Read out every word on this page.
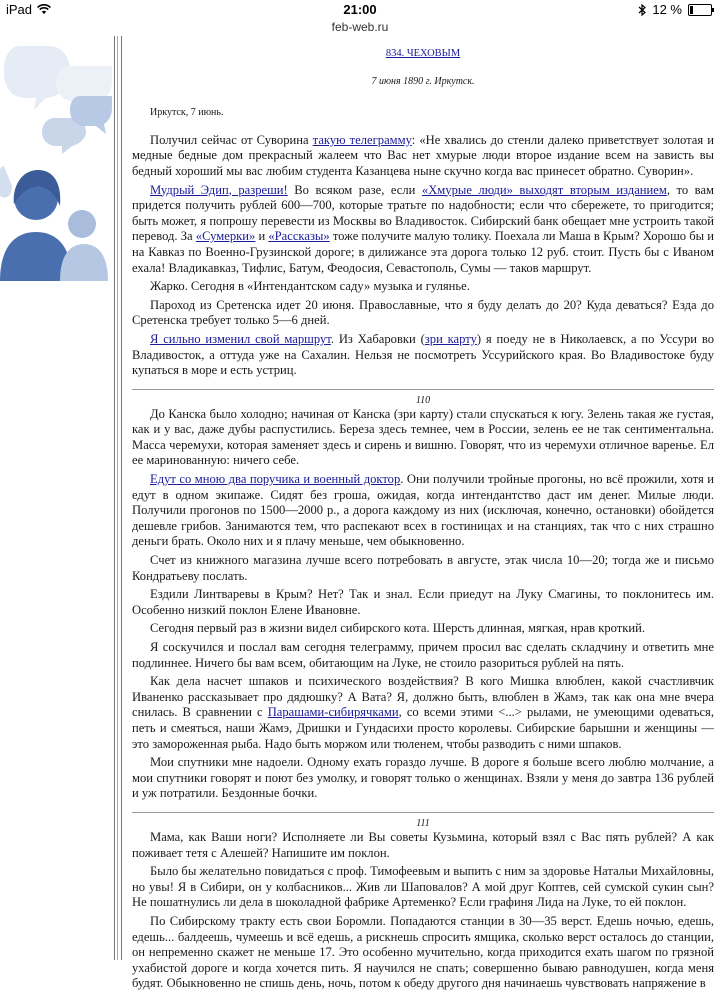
iPad	21:00	12 %
feb-web.ru
834. ЧЕХОВЫМ
7 июня 1890 г. Иркутск.
Иркутск, 7 июнь.

Получил сейчас от Суворина такую телеграмму: «Не хвались до стенли далеко приветствует золотая и медные бедные дом прекрасный жалеем что Вас нет хмурые люди второе издание всем на зависть вы бедный хороший мы вас любим студента Казанцева ныне скучно когда вас принесет обратно. Суворин».

Мудрый Эдип, разреши! Во всяком разе, если «Хмурые люди» выходят вторым изданием, то вам придется получить рублей 600—700, которые тратьте по надобности; если что сбережете, то пригодится; быть может, я попрошу перевести из Москвы во Владивосток. Сибирский банк обещает мне устроить такой перевод. За «Сумерки» и «Рассказы» тоже получите малую толику. Поехала ли Маша в Крым? Хорошо бы и на Кавказ по Военно-Грузинской дороге; в дилижансе эта дорога только 12 руб. стоит. Пусть бы с Иваном ехала! Владикавказ, Тифлис, Батум, Феодосия, Севастополь, Сумы — таков маршрут.

Жарко. Сегодня в «Интендантском саду» музыка и гулянье.

Пароход из Сретенска идет 20 июня. Православные, что я буду делать до 20? Куда деваться? Езда до Сретенска требует только 5—6 дней.

Я сильно изменил свой маршрут. Из Хабаровки (зри карту) я поеду не в Николаевск, а по Уссури во Владивосток, а оттуда уже на Сахалин. Нельзя не посмотреть Уссурийского края. Во Владивостоке буду купаться в море и есть устриц.

110

До Канска было холодно; начиная от Канска (зри карту) стали спускаться к югу. Зелень такая же густая, как и у вас, даже дубы распустились. Береза здесь темнее, чем в России, зелень ее не так сентиментальна. Масса черемухи, которая заменяет здесь и сирень и вишню. Говорят, что из черемухи отличное варенье. Ел ее маринованную: ничего себе.

Едут со мною два поручика и военный доктор. Они получили тройные прогоны, но всё прожили, хотя и едут в одном экипаже. Сидят без гроша, ожидая, когда интендантство даст им денег. Милые люди. Получили прогонов по 1500—2000 р., а дорога каждому из них (исключая, конечно, остановки) обойдется дешевле грибов. Занимаются тем, что распекают всех в гостиницах и на станциях, так что с них страшно деньги брать. Около них и я плачу меньше, чем обыкновенно.

Счет из книжного магазина лучше всего потребовать в августе, этак числа 10—20; тогда же и письмо Кондратьеву послать.

Ездили Линтваревы в Крым? Нет? Так и знал. Если приедут на Луку Смагины, то поклонитесь им. Особенно низкий поклон Елене Ивановне.

Сегодня первый раз в жизни видел сибирского кота. Шерсть длинная, мягкая, нрав кроткий.

Я соскучился и послал вам сегодня телеграмму, причем просил вас сделать складчину и ответить мне подлиннее. Ничего бы вам всем, обитающим на Луке, не стоило разориться рублей на пять.

Как дела насчет шпаков и психического воздействия? В кого Мишка влюблен, какой счастливчик Иваненко рассказывает про дядюшку? А Вата? Я, должно быть, влюблен в Жамэ, так как она мне вчера снилась. В сравнении с Парашами-сибирячками, со всеми этими <...> рылами, не умеющими одеваться, петь и смеяться, наши Жамэ, Дришки и Гундасихи просто королевы. Сибирские барышни и женщины — это замороженная рыба. Надо быть моржом или тюленем, чтобы разводить с ними шпаков.

Мои спутники мне надоели. Одному ехать гораздо лучше. В дороге я больше всего люблю молчание, а мои спутники говорят и поют без умолку, и говорят только о женщинах. Взяли у меня до завтра 136 рублей и уж потратили. Бездонные бочки.

111

Мама, как Ваши ноги? Исполняете ли Вы советы Кузьмина, который взял с Вас пять рублей? А как поживает тетя с Алешей? Напишите им поклон.

Было бы желательно повидаться с проф. Тимофеевым и выпить с ним за здоровье Натальи Михайловны, но увы! Я в Сибири, он у колбасников... Жив ли Шаповалов? А мой друг Коптев, сей сумской сукин сын? Не пошатнулись ли дела в шоколадной фабрике Артеменко? Если графиня Лида на Луке, то ей поклон.

По Сибирскому тракту есть свои Боромли. Попадаются станции в 30—35 верст. Едешь ночью, едешь, едешь... балдеешь, чумеешь и всё едешь, а рискнешь спросить ямщика, сколько верст осталось до станции, он непременно скажет не меньше 17. Это особенно мучительно, когда приходится ехать шагом по грязной ухабистой дороге и когда хочется пить. Я научился не спать; совершенно бываю равнодушен, когда меня будят. Обыкновенно не спишь день, ночь, потом к обеду другого дня начинаешь чувствовать напряжение в
